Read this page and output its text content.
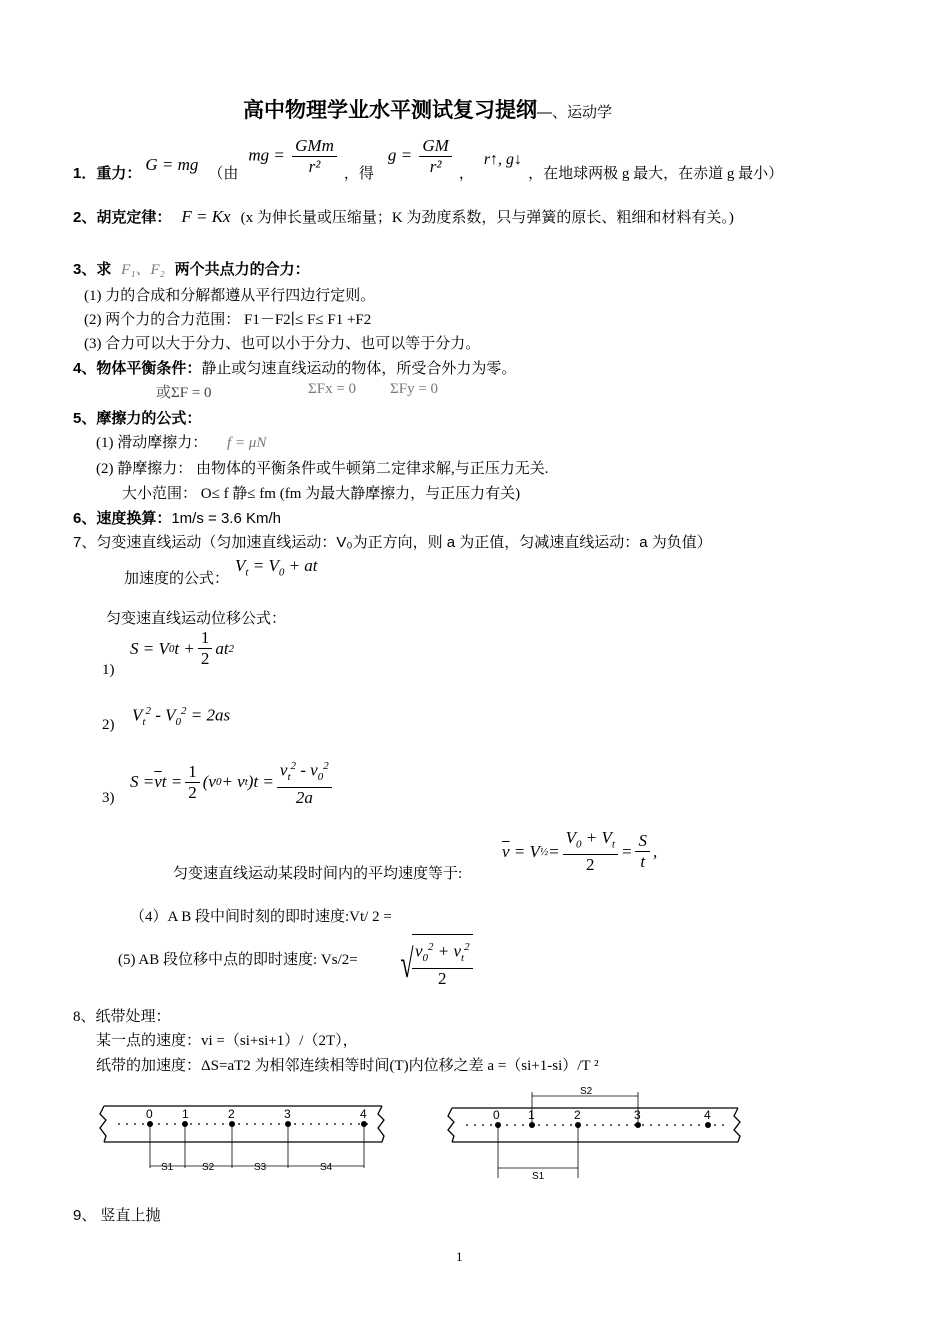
高中物理学业水平测试复习提纲—、运动学
1．重力： G = mg （由
mg = $\frac{\text{GMm}}{\text{r²}}$ ，得
$g = \frac{GM}{\text{r²}}$ ，
r↑, g↓
，在地球两极 g 最大，在赤道 g 最小）
2、胡克定律： F = Kx (x 为伸长量或压缩量；K 为劲度系数，只与弹簧的原长、粗细和材料有关。)
3、求 F₁、F₂ 两个共点力的合力：
(1) 力的合成和分解都遵从平行四边行定则。
(2) 两个力的合力范围： F1－F2∣≤ F≤ F1 +F2
(3) 合力可以大于分力、也可以小于分力、也可以等于分力。
4、物体平衡条件：静止或匀速直线运动的物体，所受合外力为零。
或ΣF = 0	ΣFx = 0 ΣFy = 0
5、摩擦力的公式：
(1) 滑动摩擦力： f = μN
(2) 静摩擦力： 由物体的平衡条件或牛顿第二定律求解,与正压力无关.
大小范围： O≤ f 静≤ fm (fm 为最大静摩擦力，与正压力有关)
6、速度换算：1m/s = 3.6 Km/h
7、匀变速直线运动（匀加速直线运动：V₀为正方向，则 a 为正值，匀减速直线运动：a 为负值）
加速度的公式：
$V_t = V_0$ + at
匀变速直线运动位移公式：
1)
S = V 0 $t + \frac{1}{2}$ at 2
2)
$V_t^2 - V_0^2 = 2as$
3)
$S = \overline{v}$ $t = \frac{1}{2} (v$ 0 + v t )$t = \frac{v_t^2 - v_0^2}{2a}$
匀变速直线运动某段时间内的平均速度等于:
$\overline{v} = V$ ½ = $\frac{V_0 + V_t}{2} = \frac{S}{t}$ ,
（4）A B 段中间时刻的即时速度:Vt/ 2 =
(5) AB 段位移中点的即时速度: Vs/2= √
$\frac{v_0^2 + v_t^2}{2}$
8、纸带处理：
某一点的速度：vi =（si+si+1）/（2T），
纸带的加速度：ΔS=aT2 为相邻连续相等时间(T)内位移之差 a =（si+1-si）/T ²
0 1	2	3	4
S1	S2	S3	S4
0 1	2	3	4
S2
S1
9、 竖直上抛
1
